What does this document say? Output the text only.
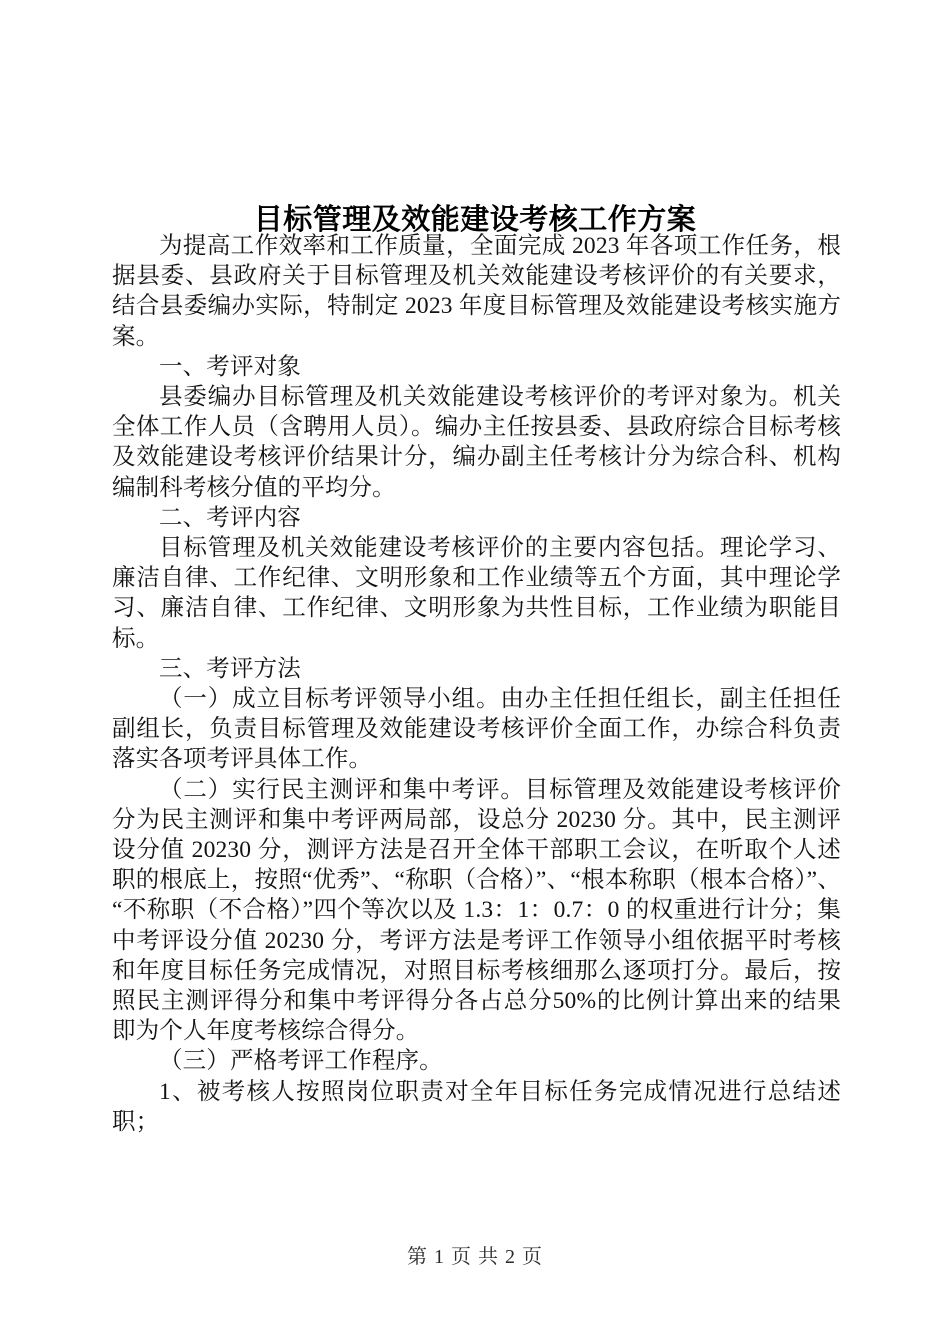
目标管理及效能建设考核工作方案

为提高工作效率和工作质量，全面完成 2023 年各项工作任务，根据县委、县政府关于目标管理及机关效能建设考核评价的有关要求，结合县委编办实际，特制定 2023 年度目标管理及效能建设考核实施方案。

一、考评对象

县委编办目标管理及机关效能建设考核评价的考评对象为。机关全体工作人员（含聘用人员）。编办主任按县委、县政府综合目标考核及效能建设考核评价结果计分，编办副主任考核计分为综合科、机构编制科考核分值的平均分。

二、考评内容

目标管理及机关效能建设考核评价的主要内容包括。理论学习、廉洁自律、工作纪律、文明形象和工作业绩等五个方面，其中理论学习、廉洁自律、工作纪律、文明形象为共性目标，工作业绩为职能目标。

三、考评方法

（一）成立目标考评领导小组。由办主任担任组长，副主任担任副组长，负责目标管理及效能建设考核评价全面工作，办综合科负责落实各项考评具体工作。

（二）实行民主测评和集中考评。目标管理及效能建设考核评价分为民主测评和集中考评两局部，设总分 20230 分。其中，民主测评设分值 20230 分，测评方法是召开全体干部职工会议，在听取个人述职的根底上，按照“优秀”、“称职（合格）”、“根本称职（根本合格）”、“不称职（不合格）”四个等次以及 1.3：1：0.7：0 的权重进行计分；集中考评设分值 20230 分，考评方法是考评工作领导小组依据平时考核和年度目标任务完成情况，对照目标考核细那么逐项打分。最后，按照民主测评得分和集中考评得分各占总分50%的比例计算出来的结果即为个人年度考核综合得分。

（三）严格考评工作程序。

1、被考核人按照岗位职责对全年目标任务完成情况进行总结述职；

第 1 页 共 2 页
